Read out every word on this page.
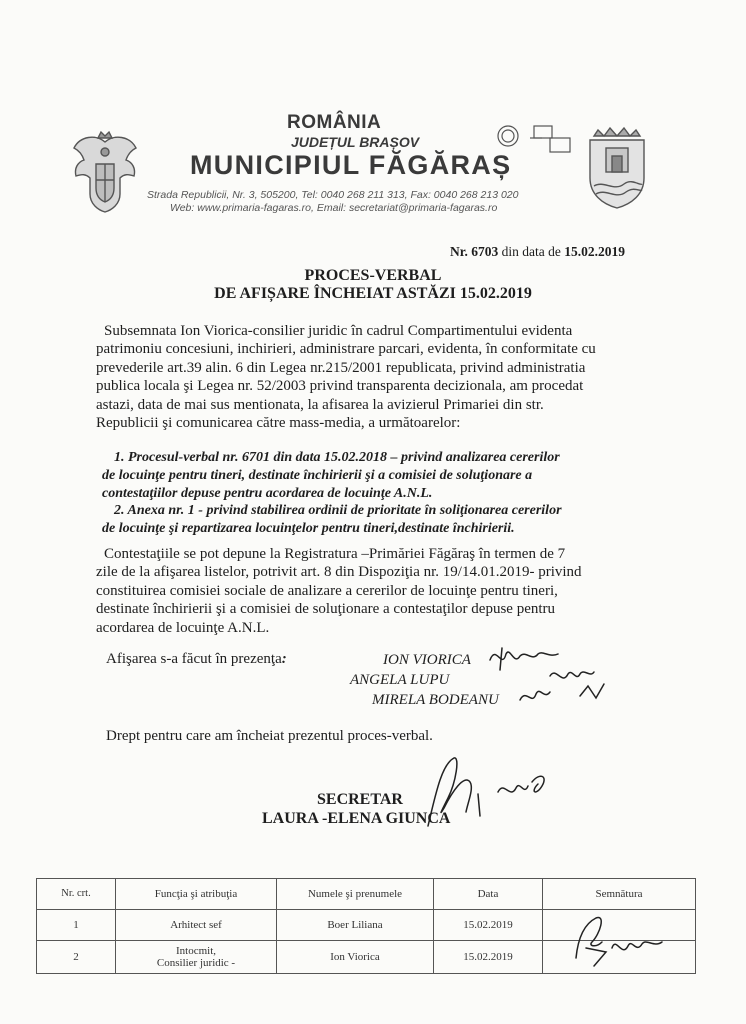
ROMÂNIA
JUDEȚUL BRAȘOV
MUNICIPIUL FĂGĂRAȘ
Strada Republicii, Nr. 3, 505200, Tel: 0040 268 211 313, Fax: 0040 268 213 020
Web: www.primaria-fagaras.ro, Email: secretariat@primaria-fagaras.ro
Nr. 6703 din data de 15.02.2019
PROCES-VERBAL
DE AFIȘARE ÎNCHEIAT ASTĂZI 15.02.2019
Subsemnata Ion Viorica-consilier juridic în cadrul Compartimentului evidenta
patrimoniu concesiuni, inchirieri, administrare parcari, evidenta, în conformitate cu
prevederile art.39 alin. 6 din Legea nr.215/2001 republicata, privind administratia
publica locala şi Legea nr. 52/2003 privind transparenta decizionala, am procedat
astazi, data de mai sus mentionata, la afisarea la avizierul Primariei din str.
Republicii şi comunicarea către mass-media, a următoarelor:
1. Procesul-verbal nr. 6701 din data 15.02.2018 – privind analizarea cererilor
de locuinţe pentru tineri, destinate închirierii şi a comisiei de soluţionare a
contestaţiilor depuse pentru acordarea de locuinţe A.N.L.
2. Anexa nr. 1 - privind stabilirea ordinii de prioritate în soliţionarea cererilor
de locuinţe şi repartizarea locuinţelor pentru tineri,destinate închirierii.
Contestaţiile se pot depune la Registratura –Primăriei Făgăraş în termen de 7
zile de la afişarea listelor, potrivit art. 8 din Dispoziţia nr. 19/14.01.2019- privind
constituirea comisiei sociale de analizare a cererilor de locuinţe pentru tineri,
destinate închirierii şi a comisiei de soluţionare a contestaţilor depuse pentru
acordarea de locuinţe A.N.L.
Afişarea s-a făcut în prezenţa:	ION VIORICA
ANGELA LUPU
MIRELA BODEANU
Drept pentru care am încheiat prezentul proces-verbal.
SECRETAR
LAURA -ELENA GIUNCA
Nr. crt.	Funcţia şi atribuţia	Numele şi prenumele	Data	Semnătura
1	Arhitect sef	Boer Liliana	15.02.2019	
2	Intocmit,
Consilier juridic -	Ion Viorica	15.02.2019	
